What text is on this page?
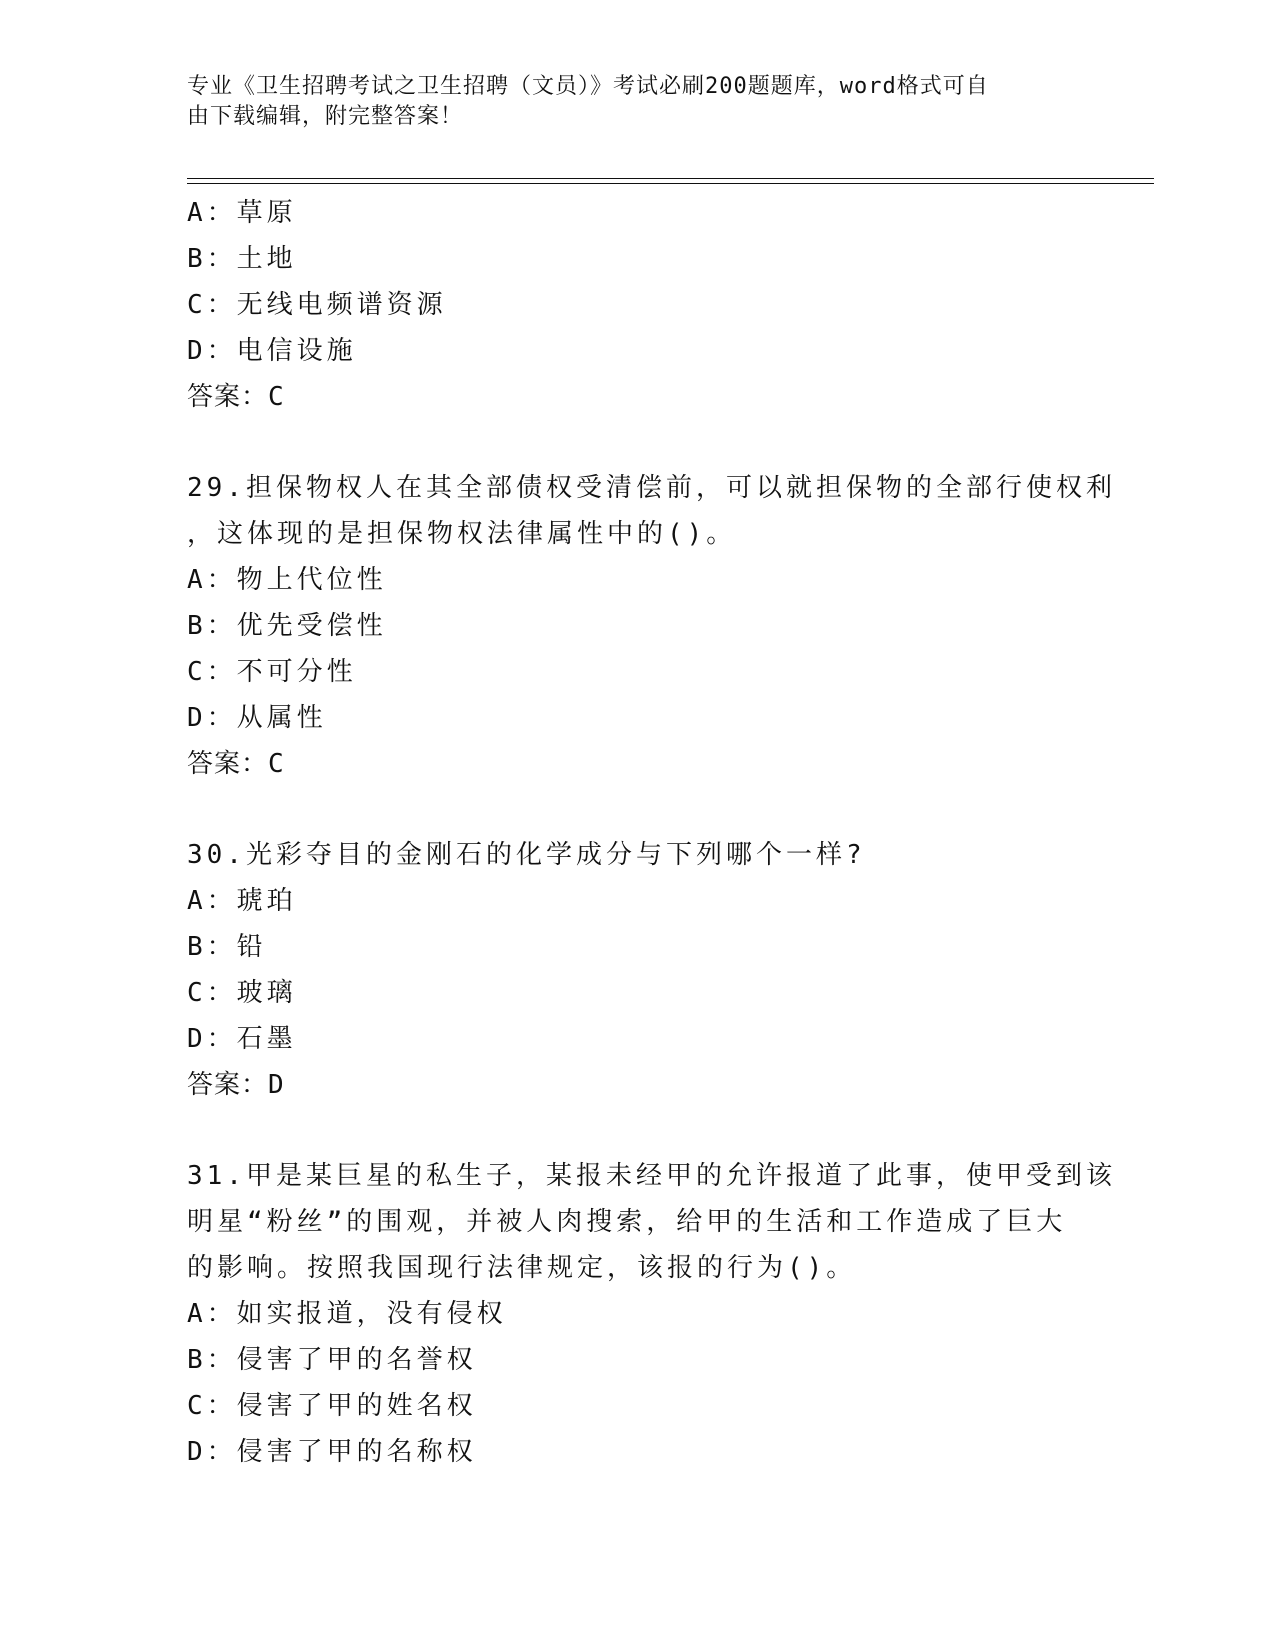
专业《卫生招聘考试之卫生招聘（文员）》考试必刷200题题库，word格式可自
由下载编辑，附完整答案！
A：草原
B：土地
C：无线电频谱资源
D：电信设施
答案：C
29.担保物权人在其全部债权受清偿前，可以就担保物的全部行使权利
，这体现的是担保物权法律属性中的()。
A：物上代位性
B：优先受偿性
C：不可分性
D：从属性
答案：C
30.光彩夺目的金刚石的化学成分与下列哪个一样?
A：琥珀
B：铅
C：玻璃
D：石墨
答案：D
31.甲是某巨星的私生子，某报未经甲的允许报道了此事，使甲受到该
明星“粉丝”的围观，并被人肉搜索，给甲的生活和工作造成了巨大
的影响。按照我国现行法律规定，该报的行为()。
A：如实报道，没有侵权
B：侵害了甲的名誉权
C：侵害了甲的姓名权
D：侵害了甲的名称权
